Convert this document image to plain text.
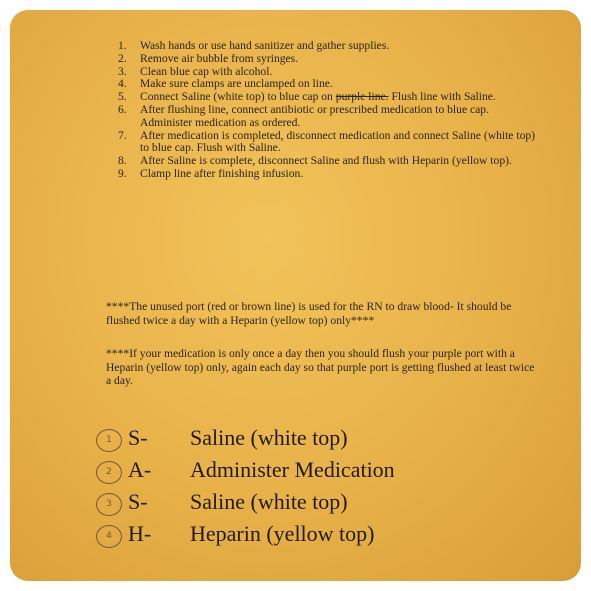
1. Wash hands or use hand sanitizer and gather supplies.
2. Remove air bubble from syringes.
3. Clean blue cap with alcohol.
4. Make sure clamps are unclamped on line.
5. Connect Saline (white top) to blue cap on purple line. Flush line with Saline.
6. After flushing line, connect antibiotic or prescribed medication to blue cap. Administer medication as ordered.
7. After medication is completed, disconnect medication and connect Saline (white top) to blue cap. Flush with Saline.
8. After Saline is complete, disconnect Saline and flush with Heparin (yellow top).
9. Clamp line after finishing infusion.
****The unused port (red or brown line) is used for the RN to draw blood- It should be flushed twice a day with a Heparin (yellow top) only****
****If your medication is only once a day then you should flush your purple port with a Heparin (yellow top) only, again each day so that purple port is getting flushed at least twice a day.
1 S- Saline (white top)
2 A- Administer Medication
3 S- Saline (white top)
4 H- Heparin (yellow top)
